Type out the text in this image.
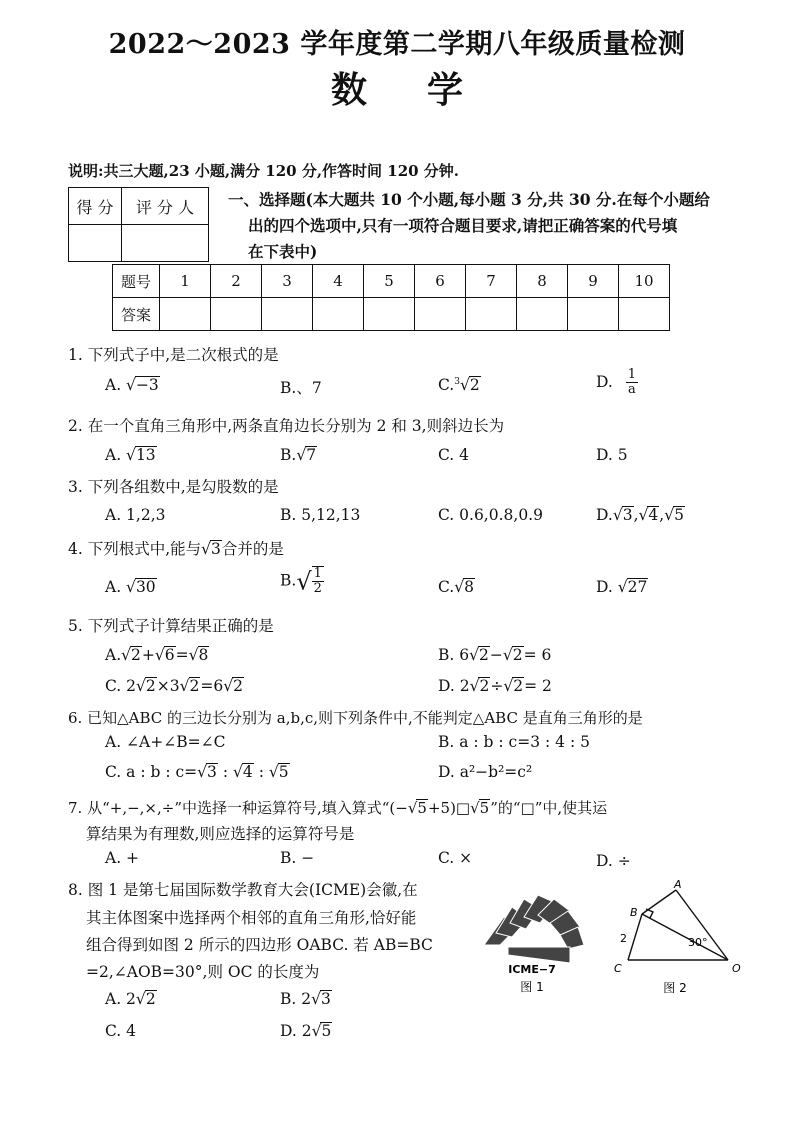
2022～2023 学年度第二学期八年级质量检测
数学
说明:共三大题,23 小题,满分 120 分,作答时间 120 分钟.
得 分	评 分 人
	一、选择题(本大题共 10 个小题,每小题 3 分,共 30 分.在每个小题给
出的四个选项中,只有一项符合题目要求,请把正确答案的代号填
在下表中)
题号	1	2	3	4	5	6	7	8	9	10
答案										
1. 下列式子中,是二次根式的是
A. √−3	B.、7	C.$^3$√2	D. $\frac{1}{a}$
2. 在一个直角三角形中,两条直角边长分别为 2 和 3,则斜边长为
A. √13	B.√7	C. 4	D. 5
3. 下列各组数中,是勾股数的是
A. 1,2,3	B. 5,12,13	C. 0.6,0.8,0.9	D.√3,√4,√5
4. 下列根式中,能与√3合并的是
A. √30	$B.√ \frac{1}{2}$	C.√8	D. √27
5. 下列式子计算结果正确的是
A.√2+√6=√8	B. 6√2−√2= 6
C. 2√2×3√2=6√2	D. 2√2÷√2= 2
6. 已知△ABC 的三边长分别为 a,b,c,则下列条件中,不能判定△ABC 是直角三角形的是
A. ∠A+∠B=∠C	B. a : b : c=3 : 4 : 5
C. a : b : c=√3 : √4 : √5	D. a²−b²=c²
7. 从“+,−,×,÷”中选择一种运算符号,填入算式“(−√5+5)□√5”的“□”中,使其运
算结果为有理数,则应选择的运算符号是
A. +	B. −	C. ×	D. ÷
8. 图 1 是第七届国际数学教育大会(ICME)会徽,在
其主体图案中选择两个相邻的直角三角形,恰好能
组合得到如图 2 所示的四边形 OABC. 若 AB=BC
=2,∠AOB=30°,则 OC 的长度为
A. 2√2	B. 2√3
C. 4	D. 2√5
ICME−7
图 1
A
B
C	O
30°
2
图 2
